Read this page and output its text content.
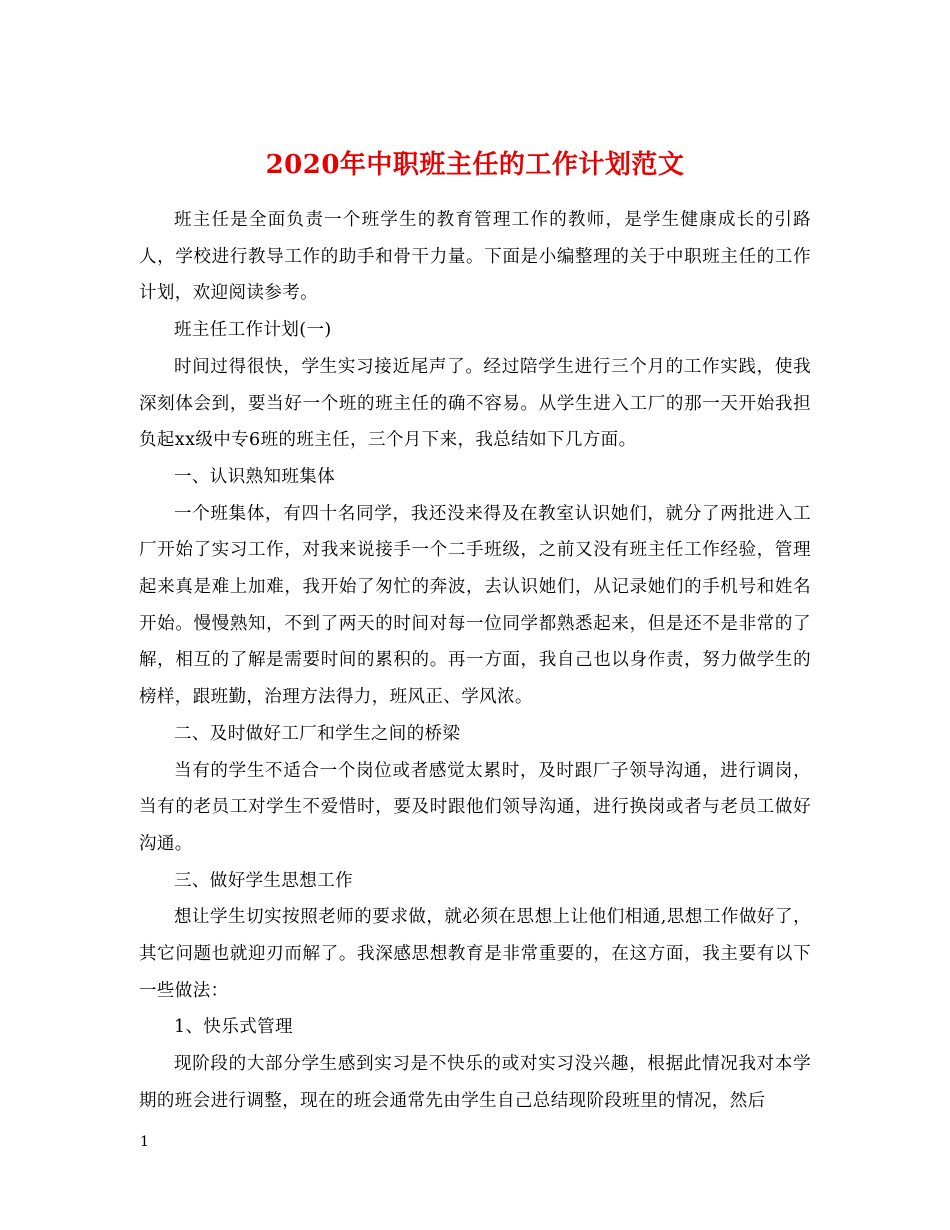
2020年中职班主任的工作计划范文

班主任是全面负责一个班学生的教育管理工作的教师，是学生健康成长的引路人，学校进行教导工作的助手和骨干力量。下面是小编整理的关于中职班主任的工作计划，欢迎阅读参考。

班主任工作计划(一)

时间过得很快，学生实习接近尾声了。经过陪学生进行三个月的工作实践，使我深刻体会到，要当好一个班的班主任的确不容易。从学生进入工厂的那一天开始我担负起xx级中专6班的班主任，三个月下来，我总结如下几方面。

一、认识熟知班集体

一个班集体，有四十名同学，我还没来得及在教室认识她们，就分了两批进入工厂开始了实习工作，对我来说接手一个二手班级，之前又没有班主任工作经验，管理起来真是难上加难，我开始了匆忙的奔波，去认识她们，从记录她们的手机号和姓名开始。慢慢熟知，不到了两天的时间对每一位同学都熟悉起来，但是还不是非常的了解，相互的了解是需要时间的累积的。再一方面，我自己也以身作责，努力做学生的榜样，跟班勤，治理方法得力，班风正、学风浓。

二、及时做好工厂和学生之间的桥梁

当有的学生不适合一个岗位或者感觉太累时，及时跟厂子领导沟通，进行调岗，当有的老员工对学生不爱惜时，要及时跟他们领导沟通，进行换岗或者与老员工做好沟通。

三、做好学生思想工作

想让学生切实按照老师的要求做，就必须在思想上让他们相通,思想工作做好了，其它问题也就迎刃而解了。我深感思想教育是非常重要的，在这方面，我主要有以下一些做法：

1、快乐式管理

现阶段的大部分学生感到实习是不快乐的或对实习没兴趣，根据此情况我对本学期的班会进行调整，现在的班会通常先由学生自己总结现阶段班里的情况，然后

1
